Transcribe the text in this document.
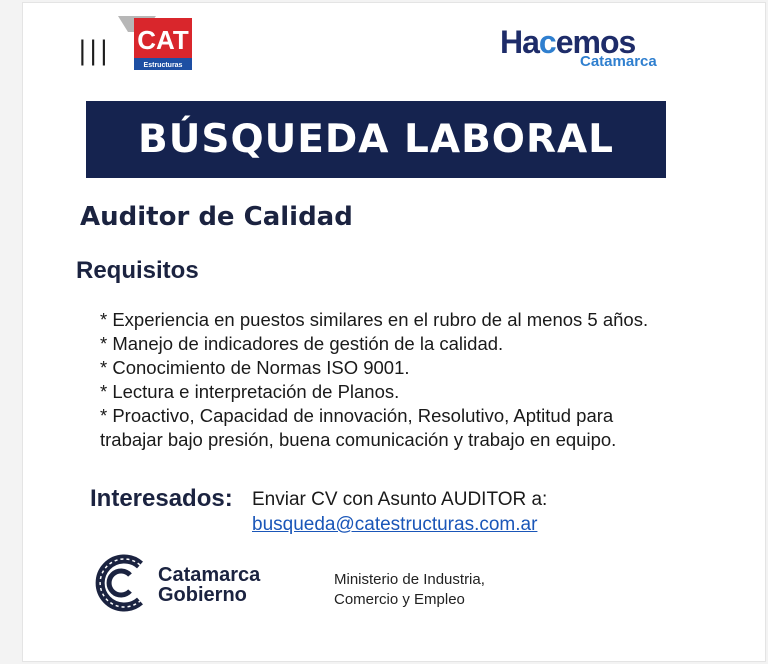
||| CAT
Estructuras
Hacemos
Catamarca
BÚSQUEDA LABORAL
Auditor de Calidad
Requisitos
* Experiencia en puestos similares en el rubro de al menos 5 años.
* Manejo de indicadores de gestión de la calidad.
* Conocimiento de Normas ISO 9001.
* Lectura e interpretación de Planos.
* Proactivo, Capacidad de innovación, Resolutivo, Aptitud para
trabajar bajo presión, buena comunicación y trabajo en equipo.
Interesados: Enviar CV con Asunto AUDITOR a:
busqueda@catestructuras.com.ar
Catamarca
Gobierno
Ministerio de Industria,
Comercio y Empleo
